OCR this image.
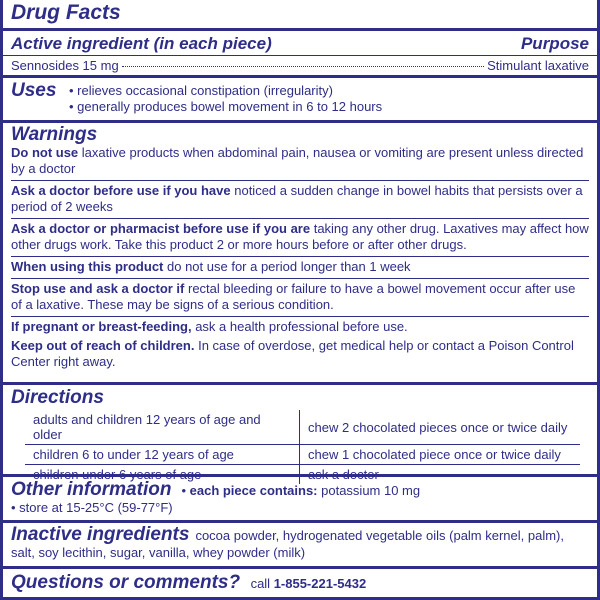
Drug Facts
Active ingredient (in each piece)	Purpose
Sennosides 15 mg	Stimulant laxative
Uses	• relieves occasional constipation (irregularity)
• generally produces bowel movement in 6 to 12 hours
Warnings
Do not use laxative products when abdominal pain, nausea or vomiting are present unless directed by a doctor
Ask a doctor before use if you have noticed a sudden change in bowel habits that persists over a period of 2 weeks
Ask a doctor or pharmacist before use if you are taking any other drug. Laxatives may affect how other drugs work. Take this product 2 or more hours before or after other drugs.
When using this product do not use for a period longer than 1 week
Stop use and ask a doctor if rectal bleeding or failure to have a bowel movement occur after use of a laxative. These may be signs of a serious condition.
If pregnant or breast-feeding, ask a health professional before use.
Keep out of reach of children. In case of overdose, get medical help or contact a Poison Control Center right away.
Directions
adults and children 12 years of age and older	chew 2 chocolated pieces once or twice daily
children 6 to under 12 years of age	chew 1 chocolated piece once or twice daily
children under 6 years of age	ask a doctor
Other information • each piece contains: potassium 10 mg
• store at 15-25°C (59-77°F)
Inactive ingredients cocoa powder, hydrogenated vegetable oils (palm kernel, palm), salt, soy lecithin, sugar, vanilla, whey powder (milk)
Questions or comments? call 1-855-221-5432
